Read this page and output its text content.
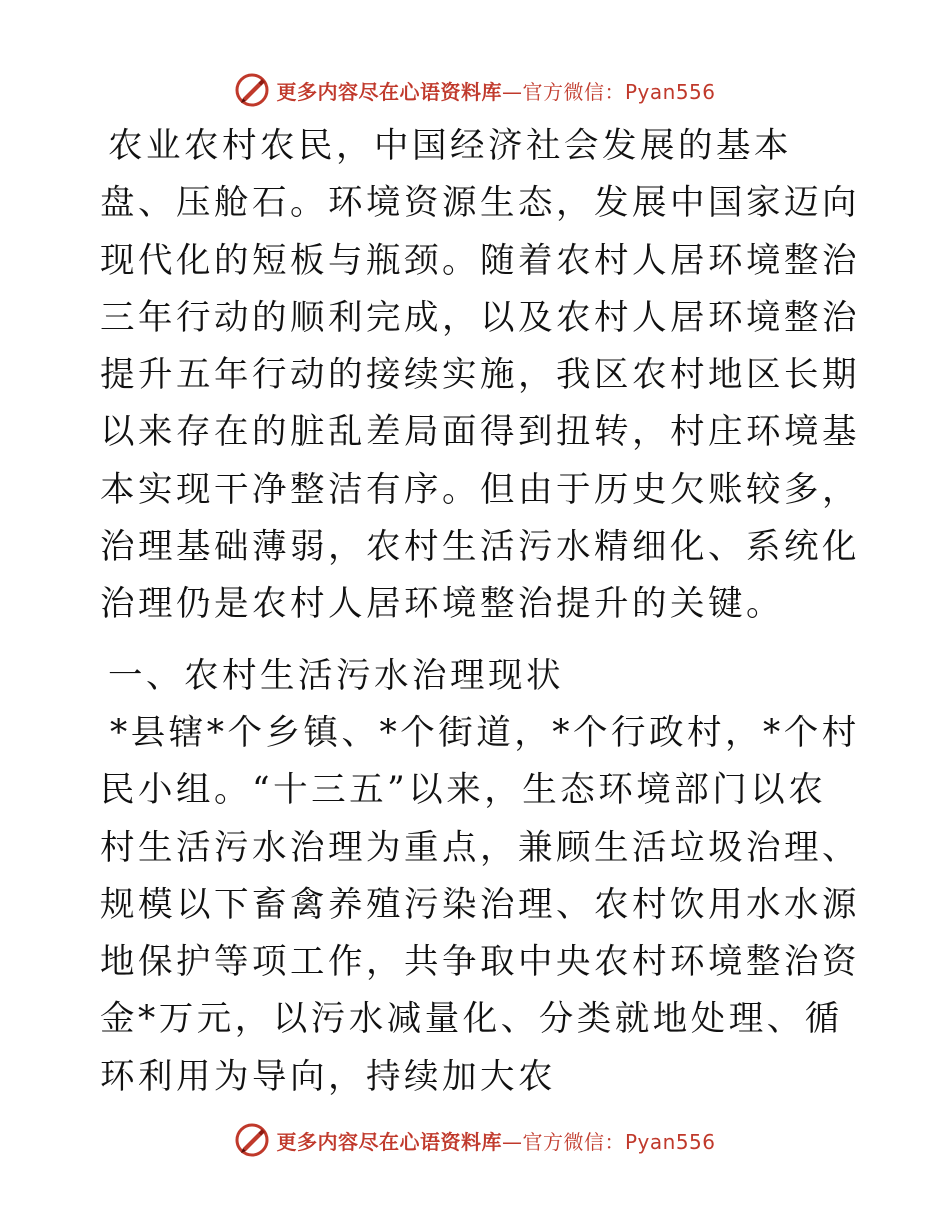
更多内容尽在心语资料库—官方微信：Pyan556

农业农村农民，中国经济社会发展的基本盘、压舱石。环境资源生态，发展中国家迈向现代化的短板与瓶颈。随着农村人居环境整治三年行动的顺利完成，以及农村人居环境整治提升五年行动的接续实施，我区农村地区长期以来存在的脏乱差局面得到扭转，村庄环境基本实现干净整洁有序。但由于历史欠账较多，治理基础薄弱，农村生活污水精细化、系统化治理仍是农村人居环境整治提升的关键。

一、农村生活污水治理现状

*县辖*个乡镇、*个街道，*个行政村，*个村民小组。“十三五”以来，生态环境部门以农村生活污水治理为重点，兼顾生活垃圾治理、规模以下畜禽养殖污染治理、农村饮用水水源地保护等项工作，共争取中央农村环境整治资金*万元，以污水减量化、分类就地处理、循环利用为导向，持续加大农

更多内容尽在心语资料库—官方微信：Pyan556
